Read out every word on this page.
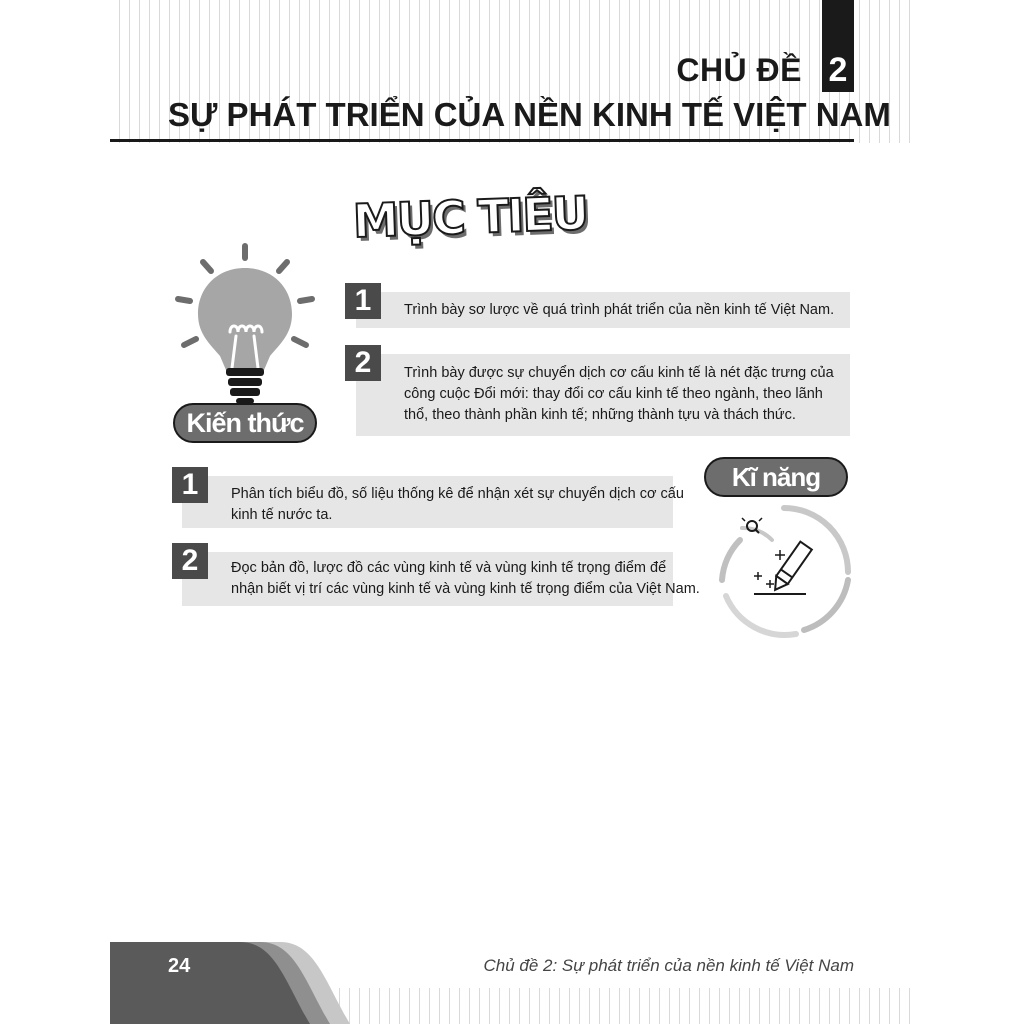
2
CHỦ ĐỀ
SỰ PHÁT TRIỂN CỦA NỀN KINH TẾ VIỆT NAM
MỤC TIÊU
Kiến thức
1	Trình bày sơ lược về quá trình phát triển của nền kinh tế Việt Nam.
2	Trình bày được sự chuyển dịch cơ cấu kinh tế là nét đặc trưng của
công cuộc Đổi mới: thay đổi cơ cấu kinh tế theo ngành, theo lãnh
thổ, theo thành phần kinh tế; những thành tựu và thách thức.
Kĩ năng
1	Phân tích biểu đồ, số liệu thống kê để nhận xét sự chuyển dịch cơ cấu
kinh tế nước ta.
2	Đọc bản đồ, lược đồ các vùng kinh tế và vùng kinh tế trọng điểm để
nhận biết vị trí các vùng kinh tế và vùng kinh tế trọng điểm của Việt Nam.
24	Chủ đề 2: Sự phát triển của nền kinh tế Việt Nam
